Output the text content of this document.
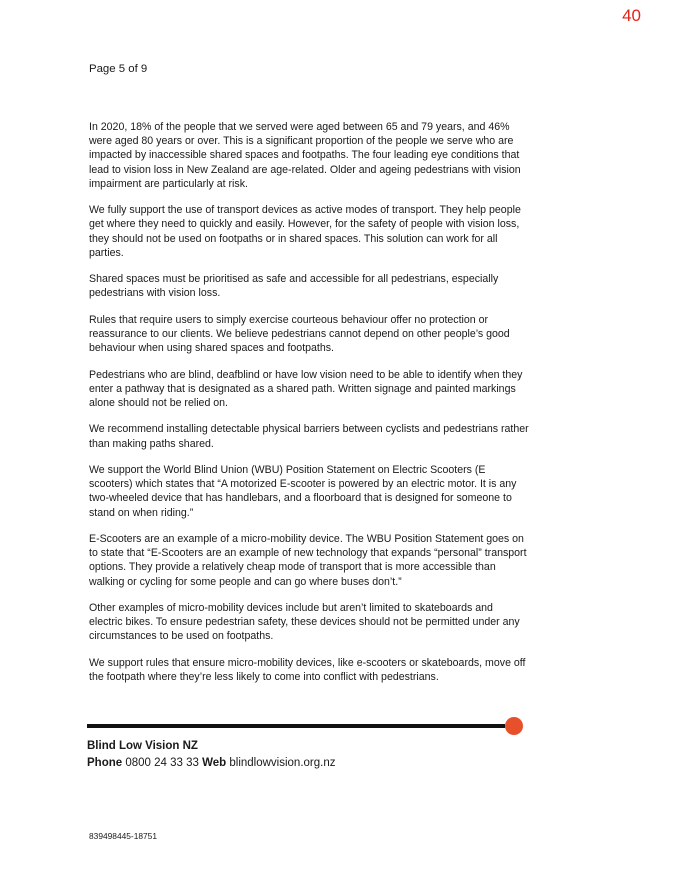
40
Page 5 of 9

In 2020, 18% of the people that we served were aged between 65 and 79 years, and 46% were aged 80 years or over. This is a significant proportion of the people we serve who are impacted by inaccessible shared spaces and footpaths. The four leading eye conditions that lead to vision loss in New Zealand are age-related. Older and ageing pedestrians with vision impairment are particularly at risk.

We fully support the use of transport devices as active modes of transport. They help people get where they need to quickly and easily. However, for the safety of people with vision loss, they should not be used on footpaths or in shared spaces. This solution can work for all parties.

Shared spaces must be prioritised as safe and accessible for all pedestrians, especially pedestrians with vision loss.

Rules that require users to simply exercise courteous behaviour offer no protection or reassurance to our clients. We believe pedestrians cannot depend on other people’s good behaviour when using shared spaces and footpaths.

Pedestrians who are blind, deafblind or have low vision need to be able to identify when they enter a pathway that is designated as a shared path. Written signage and painted markings alone should not be relied on.

We recommend installing detectable physical barriers between cyclists and pedestrians rather than making paths shared.

We support the World Blind Union (WBU) Position Statement on Electric Scooters (E scooters) which states that “A motorized E-scooter is powered by an electric motor. It is any two-wheeled device that has handlebars, and a floorboard that is designed for someone to stand on when riding.”

E-Scooters are an example of a micro-mobility device. The WBU Position Statement goes on to state that “E-Scooters are an example of new technology that expands “personal” transport options. They provide a relatively cheap mode of transport that is more accessible than walking or cycling for some people and can go where buses don’t.”

Other examples of micro-mobility devices include but aren’t limited to skateboards and electric bikes. To ensure pedestrian safety, these devices should not be permitted under any circumstances to be used on footpaths.

We support rules that ensure micro-mobility devices, like e-scooters or skateboards, move off the footpath where they’re less likely to come into conflict with pedestrians.

Blind Low Vision NZ
Phone 0800 24 33 33 Web blindlowvision.org.nz
839498445-18751
